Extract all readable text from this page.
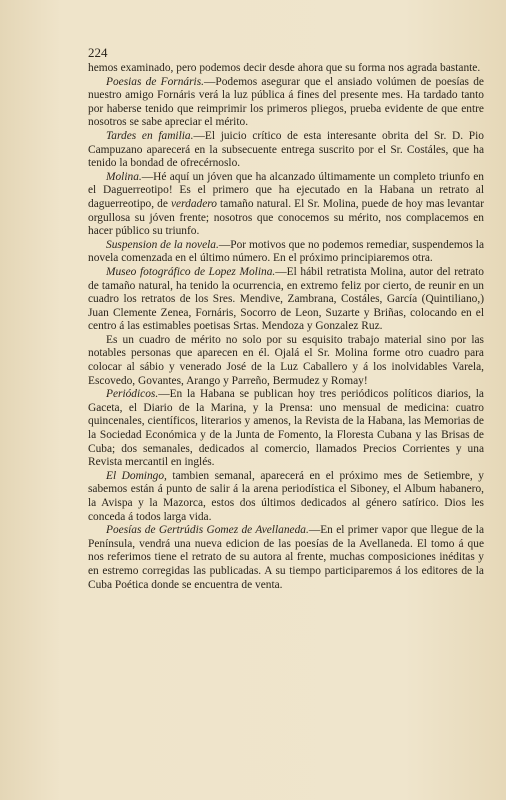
224

hemos examinado, pero podemos decir desde ahora que su forma nos agrada bastante.

Poesias de Fornáris.—Podemos asegurar que el ansiado volúmen de poesías de nuestro amigo Fornáris verá la luz pública á fines del presente mes. Ha tardado tanto por haberse tenido que reimprimir los primeros pliegos, prueba evidente de que entre nosotros se sabe apreciar el mérito.

Tardes en familia.—El juicio crítico de esta interesante obrita del Sr. D. Pio Campuzano aparecerá en la subsecuente entrega suscrito por el Sr. Costáles, que ha tenido la bondad de ofrecérnoslo.

Molina.—Hé aquí un jóven que ha alcanzado últimamente un completo triunfo en el Daguerreotipo! Es el primero que ha ejecutado en la Habana un retrato al daguerreotipo, de verdadero tamaño natural. El Sr. Molina, puede de hoy mas levantar orgullosa su jóven frente; nosotros que conocemos su mérito, nos complacemos en hacer público su triunfo.

Suspension de la novela.—Por motivos que no podemos remediar, suspendemos la novela comenzada en el último número. En el próximo principiaremos otra.

Museo fotográfico de Lopez Molina.—El hábil retratista Molina, autor del retrato de tamaño natural, ha tenido la ocurrencia, en extremo feliz por cierto, de reunir en un cuadro los retratos de los Sres. Mendive, Zambrana, Costáles, García (Quintiliano,) Juan Clemente Zenea, Fornáris, Socorro de Leon, Suzarte y Briñas, colocando en el centro á las estimables poetisas Srtas. Mendoza y Gonzalez Ruz.

Es un cuadro de mérito no solo por su esquisito trabajo material sino por las notables personas que aparecen en él. Ojalá el Sr. Molina forme otro cuadro para colocar al sábio y venerado José de la Luz Caballero y á los inolvidables Varela, Escovedo, Govantes, Arango y Parreño, Bermudez y Romay!

Periódicos.—En la Habana se publican hoy tres periódicos políticos diarios, la Gaceta, el Diario de la Marina, y la Prensa: uno mensual de medicina: cuatro quincenales, científicos, literarios y amenos, la Revista de la Habana, las Memorias de la Sociedad Económica y de la Junta de Fomento, la Floresta Cubana y las Brisas de Cuba; dos semanales, dedicados al comercio, llamados Precios Corrientes y una Revista mercantil en inglés.

El Domingo, tambien semanal, aparecerá en el próximo mes de Setiembre, y sabemos están á punto de salir á la arena periodística el Siboney, el Album habanero, la Avispa y la Mazorca, estos dos últimos dedicados al género satírico. Dios les conceda á todos larga vida.

Poesías de Gertrúdis Gomez de Avellaneda.—En el primer vapor que llegue de la Península, vendrá una nueva edicion de las poesías de la Avellaneda. El tomo á que nos referimos tiene el retrato de su autora al frente, muchas composiciones inéditas y en estremo corregidas las publicadas. A su tiempo participaremos á los editores de la Cuba Poética donde se encuentra de venta.
